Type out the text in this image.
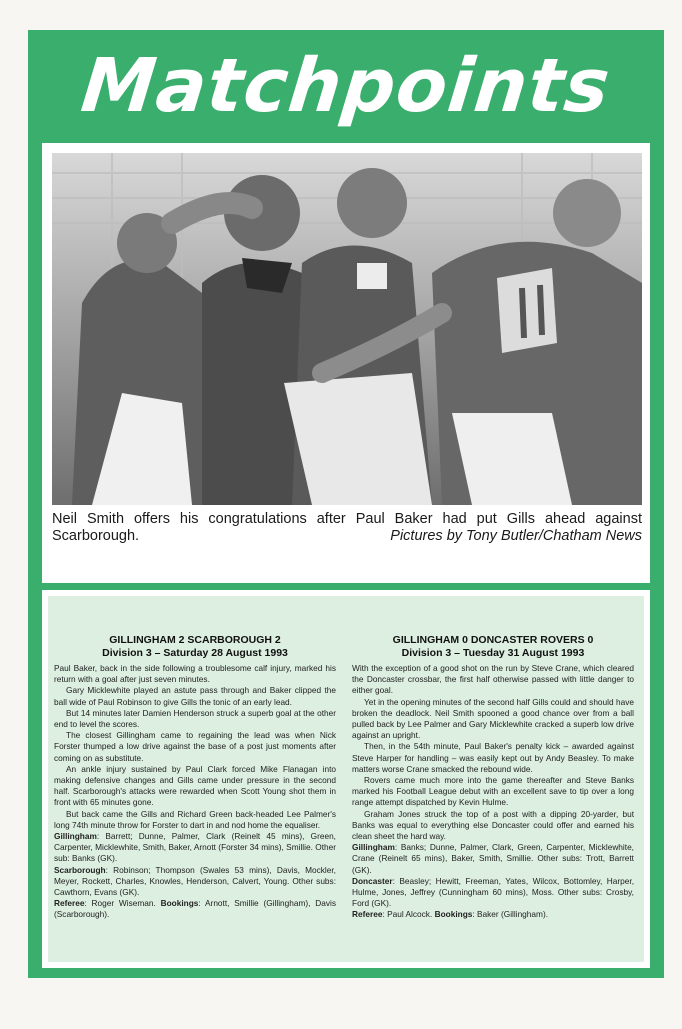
Matchpoints

Neil Smith offers his congratulations after Paul Baker had put Gills ahead against Scarborough.	Pictures by Tony Butler/Chatham News

GILLINGHAM 2 SCARBOROUGH 2
Division 3 – Saturday 28 August 1993

Paul Baker, back in the side following a troublesome calf injury, marked his return with a goal after just seven minutes.

Gary Micklewhite played an astute pass through and Baker clipped the ball wide of Paul Robinson to give Gills the tonic of an early lead.

But 14 minutes later Damien Henderson struck a superb goal at the other end to level the scores.

The closest Gillingham came to regaining the lead was when Nick Forster thumped a low drive against the base of a post just moments after coming on as substitute.

An ankle injury sustained by Paul Clark forced Mike Flanagan into making defensive changes and Gills came under pressure in the second half. Scarborough's attacks were rewarded when Scott Young shot them in front with 65 minutes gone.

But back came the Gills and Richard Green back-headed Lee Palmer's long 74th minute throw for Forster to dart in and nod home the equaliser.

Gillingham: Barrett; Dunne, Palmer, Clark (Reinelt 45 mins), Green, Carpenter, Micklewhite, Smith, Baker, Arnott (Forster 34 mins), Smillie. Other sub: Banks (GK).

Scarborough: Robinson; Thompson (Swales 53 mins), Davis, Mockler, Meyer, Rockett, Charles, Knowles, Henderson, Calvert, Young. Other subs: Cawthorn, Evans (GK).

Referee: Roger Wiseman. Bookings: Arnott, Smillie (Gillingham), Davis (Scarborough).

GILLINGHAM 0 DONCASTER ROVERS 0
Division 3 – Tuesday 31 August 1993

With the exception of a good shot on the run by Steve Crane, which cleared the Doncaster crossbar, the first half otherwise passed with little danger to either goal.

Yet in the opening minutes of the second half Gills could and should have broken the deadlock. Neil Smith spooned a good chance over from a ball pulled back by Lee Palmer and Gary Micklewhite cracked a superb low drive against an upright.

Then, in the 54th minute, Paul Baker's penalty kick – awarded against Steve Harper for handling – was easily kept out by Andy Beasley. To make matters worse Crane smacked the rebound wide.

Rovers came much more into the game thereafter and Steve Banks marked his Football League debut with an excellent save to tip over a long range attempt dispatched by Kevin Hulme.

Graham Jones struck the top of a post with a dipping 20-yarder, but Banks was equal to everything else Doncaster could offer and earned his clean sheet the hard way.

Gillingham: Banks; Dunne, Palmer, Clark, Green, Carpenter, Micklewhite, Crane (Reinelt 65 mins), Baker, Smith, Smillie. Other subs: Trott, Barrett (GK).

Doncaster: Beasley; Hewitt, Freeman, Yates, Wilcox, Bottomley, Harper, Hulme, Jones, Jeffrey (Cunningham 60 mins), Moss. Other subs: Crosby, Ford (GK).

Referee: Paul Alcock. Bookings: Baker (Gillingham).
